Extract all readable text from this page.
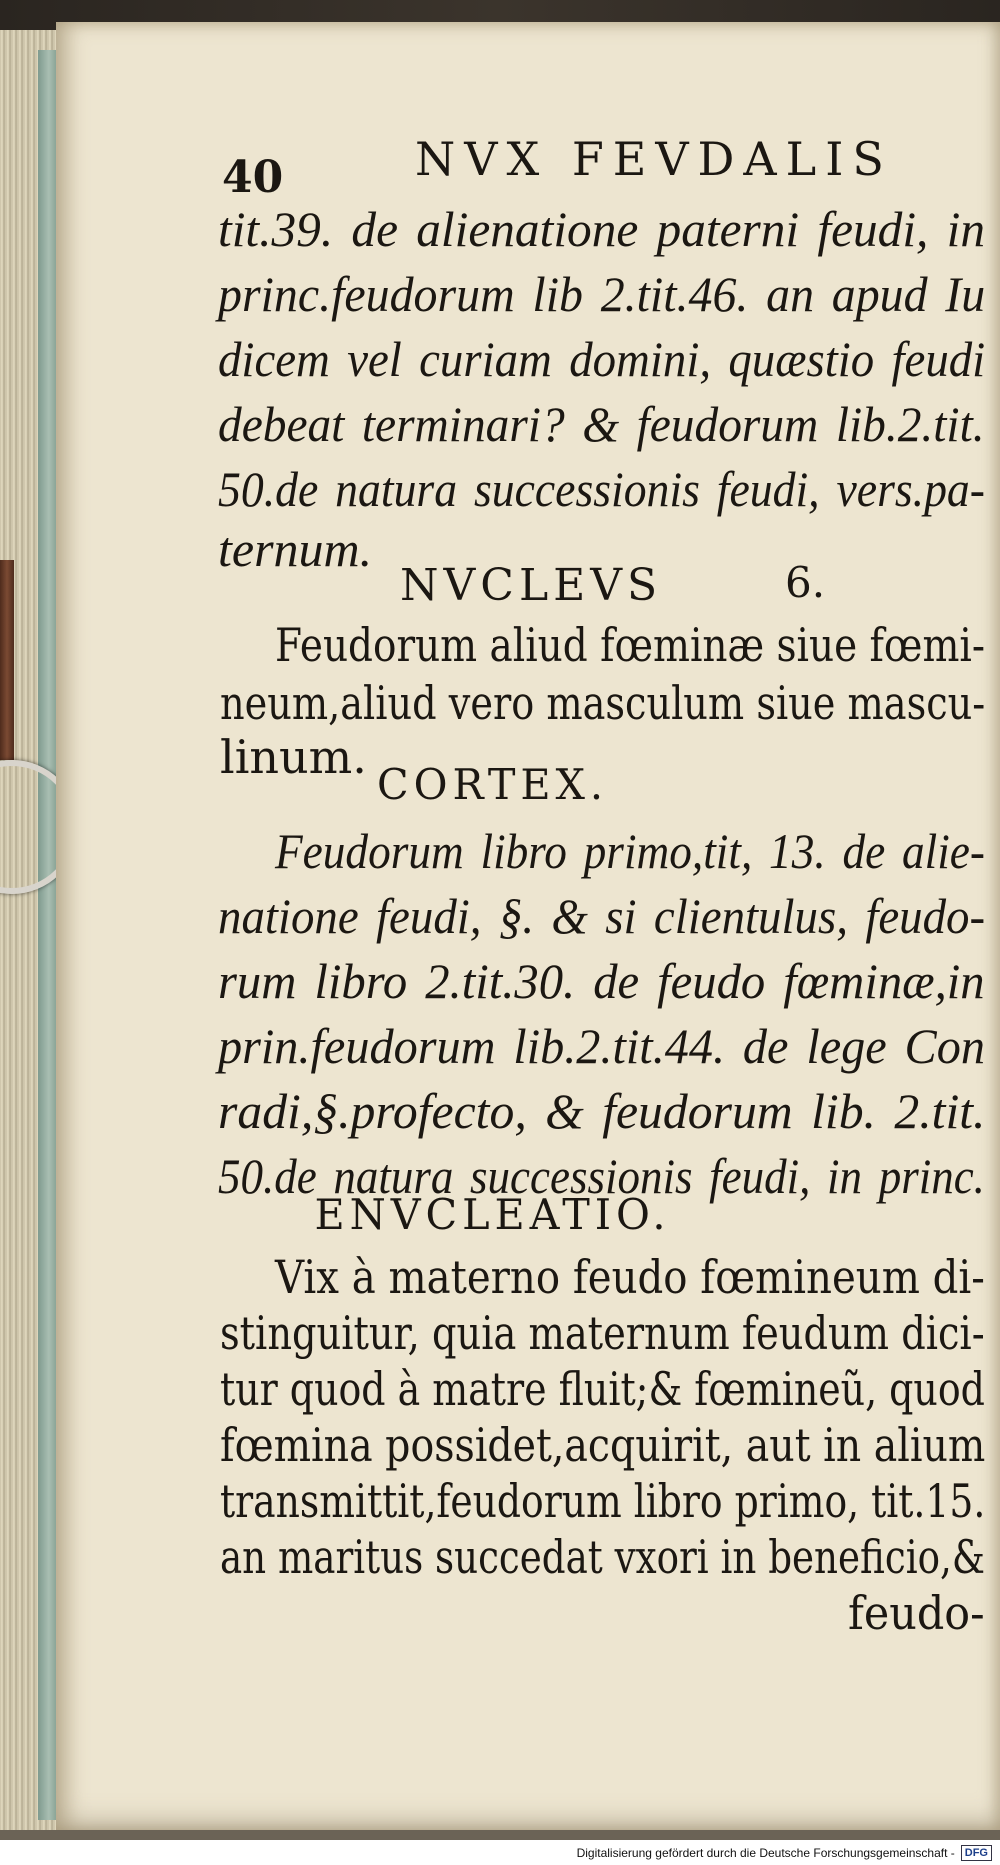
40	NVX FEVDALIS
tit.39. de alienatione paterni feudi, in
princ.feudorum lib 2.tit.46. an apud Iu
dicem vel curiam domini, quæstio feudi
debeat terminari? & feudorum lib.2.tit.
50.de natura successionis feudi, vers.pa-
ternum.
NVCLEVS	6.
Feudorum aliud fœminæ siue fœmi-
neum,aliud vero masculum siue mascu-
linum.
CORTEX.
Feudorum libro primo,tit, 13. de alie-
natione feudi, §. & si clientulus, feudo-
rum libro 2.tit.30. de feudo fœminæ,in
prin.feudorum lib.2.tit.44. de lege Con
radi,§.profecto, & feudorum lib. 2.tit.
50.de natura successionis feudi, in princ.
ENVCLEATIO.
Vix à materno feudo fœmineum di-
stinguitur, quia maternum feudum dici-
tur quod à matre fluit;& fœmineũ, quod
fœmina possidet,acquirit, aut in alium
transmittit,feudorum libro primo, tit.15.
an maritus succedat vxori in beneficio,&
feudo-
Digitalisierung gefördert durch die Deutsche Forschungsgemeinschaft - DFG
